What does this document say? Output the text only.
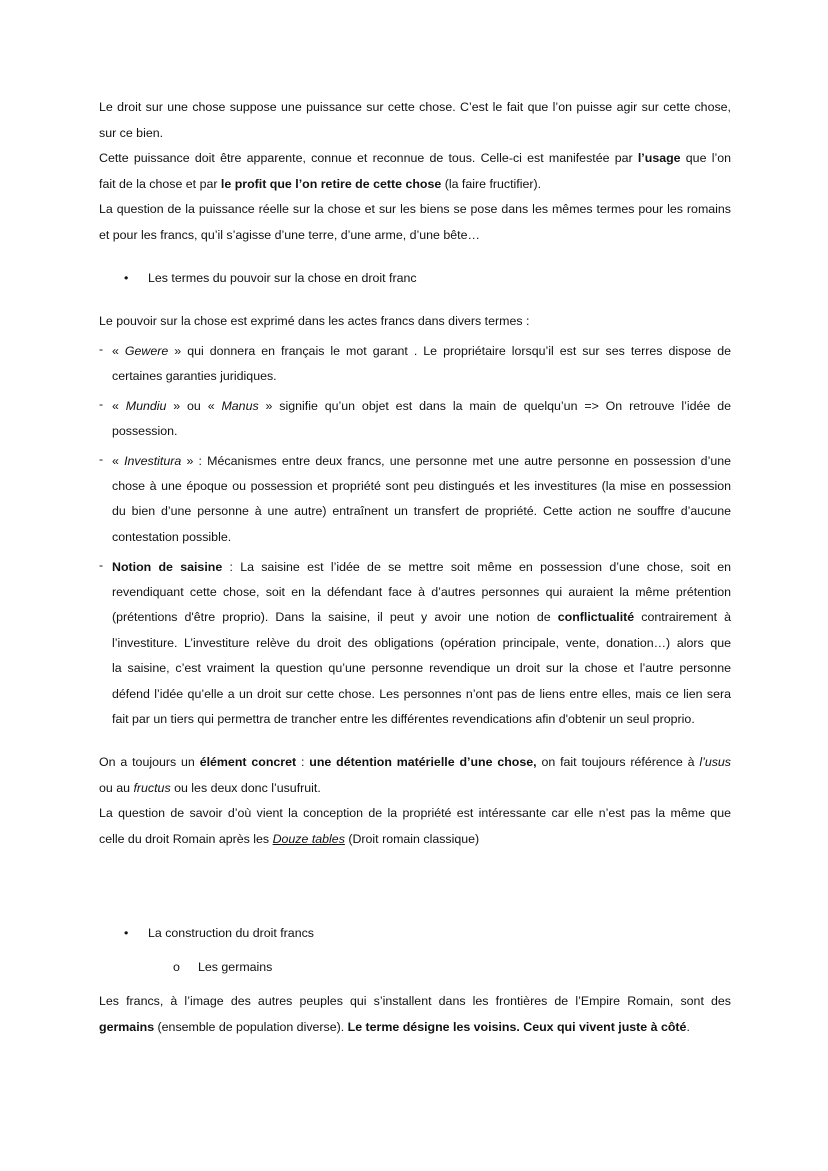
Le droit sur une chose suppose une puissance sur cette chose. C’est le fait que l’on puisse agir sur cette chose,
sur ce bien.
Cette puissance doit être apparente, connue et reconnue de tous. Celle-ci est manifestée par l’usage que l’on
fait de la chose et par le profit que l’on retire de cette chose (la faire fructifier).
La question de la puissance réelle sur la chose et sur les biens se pose dans les mêmes termes pour les romains
et pour les francs, qu’il s’agisse d’une terre, d’une arme, d’une bête…
• Les termes du pouvoir sur la chose en droit franc
Le pouvoir sur la chose est exprimé dans les actes francs dans divers termes :
- « Gewere » qui donnera en français le mot garant . Le propriétaire lorsqu’il est sur ses terres dispose de
certaines garanties juridiques.
- « Mundiu » ou « Manus » signifie qu’un objet est dans la main de quelqu’un => On retrouve l’idée de
possession.
- « Investitura » : Mécanismes entre deux francs, une personne met une autre personne en possession d’une
chose à une époque ou possession et propriété sont peu distingués et les investitures (la mise en possession
du bien d’une personne à une autre) entraînent un transfert de propriété. Cette action ne souffre d’aucune
contestation possible.
- Notion de saisine : La saisine est l’idée de se mettre soit même en possession d’une chose, soit en
revendiquant cette chose, soit en la défendant face à d’autres personnes qui auraient la même prétention
(prétentions d'être proprio). Dans la saisine, il peut y avoir une notion de conflictualité contrairement à
l’investiture. L’investiture relève du droit des obligations (opération principale, vente, donation…) alors que
la saisine, c’est vraiment la question qu’une personne revendique un droit sur la chose et l’autre personne
défend l’idée qu’elle a un droit sur cette chose. Les personnes n’ont pas de liens entre elles, mais ce lien sera
fait par un tiers qui permettra de trancher entre les différentes revendications afin d'obtenir un seul proprio.
On a toujours un élément concret : une détention matérielle d’une chose, on fait toujours référence à l’usus
ou au fructus ou les deux donc l’usufruit.
La question de savoir d’où vient la conception de la propriété est intéressante car elle n’est pas la même que
celle du droit Romain après les Douze tables (Droit romain classique)
• La construction du droit francs
o Les germains
Les francs, à l’image des autres peuples qui s’installent dans les frontières de l’Empire Romain, sont des
germains (ensemble de population diverse). Le terme désigne les voisins. Ceux qui vivent juste à côté.
